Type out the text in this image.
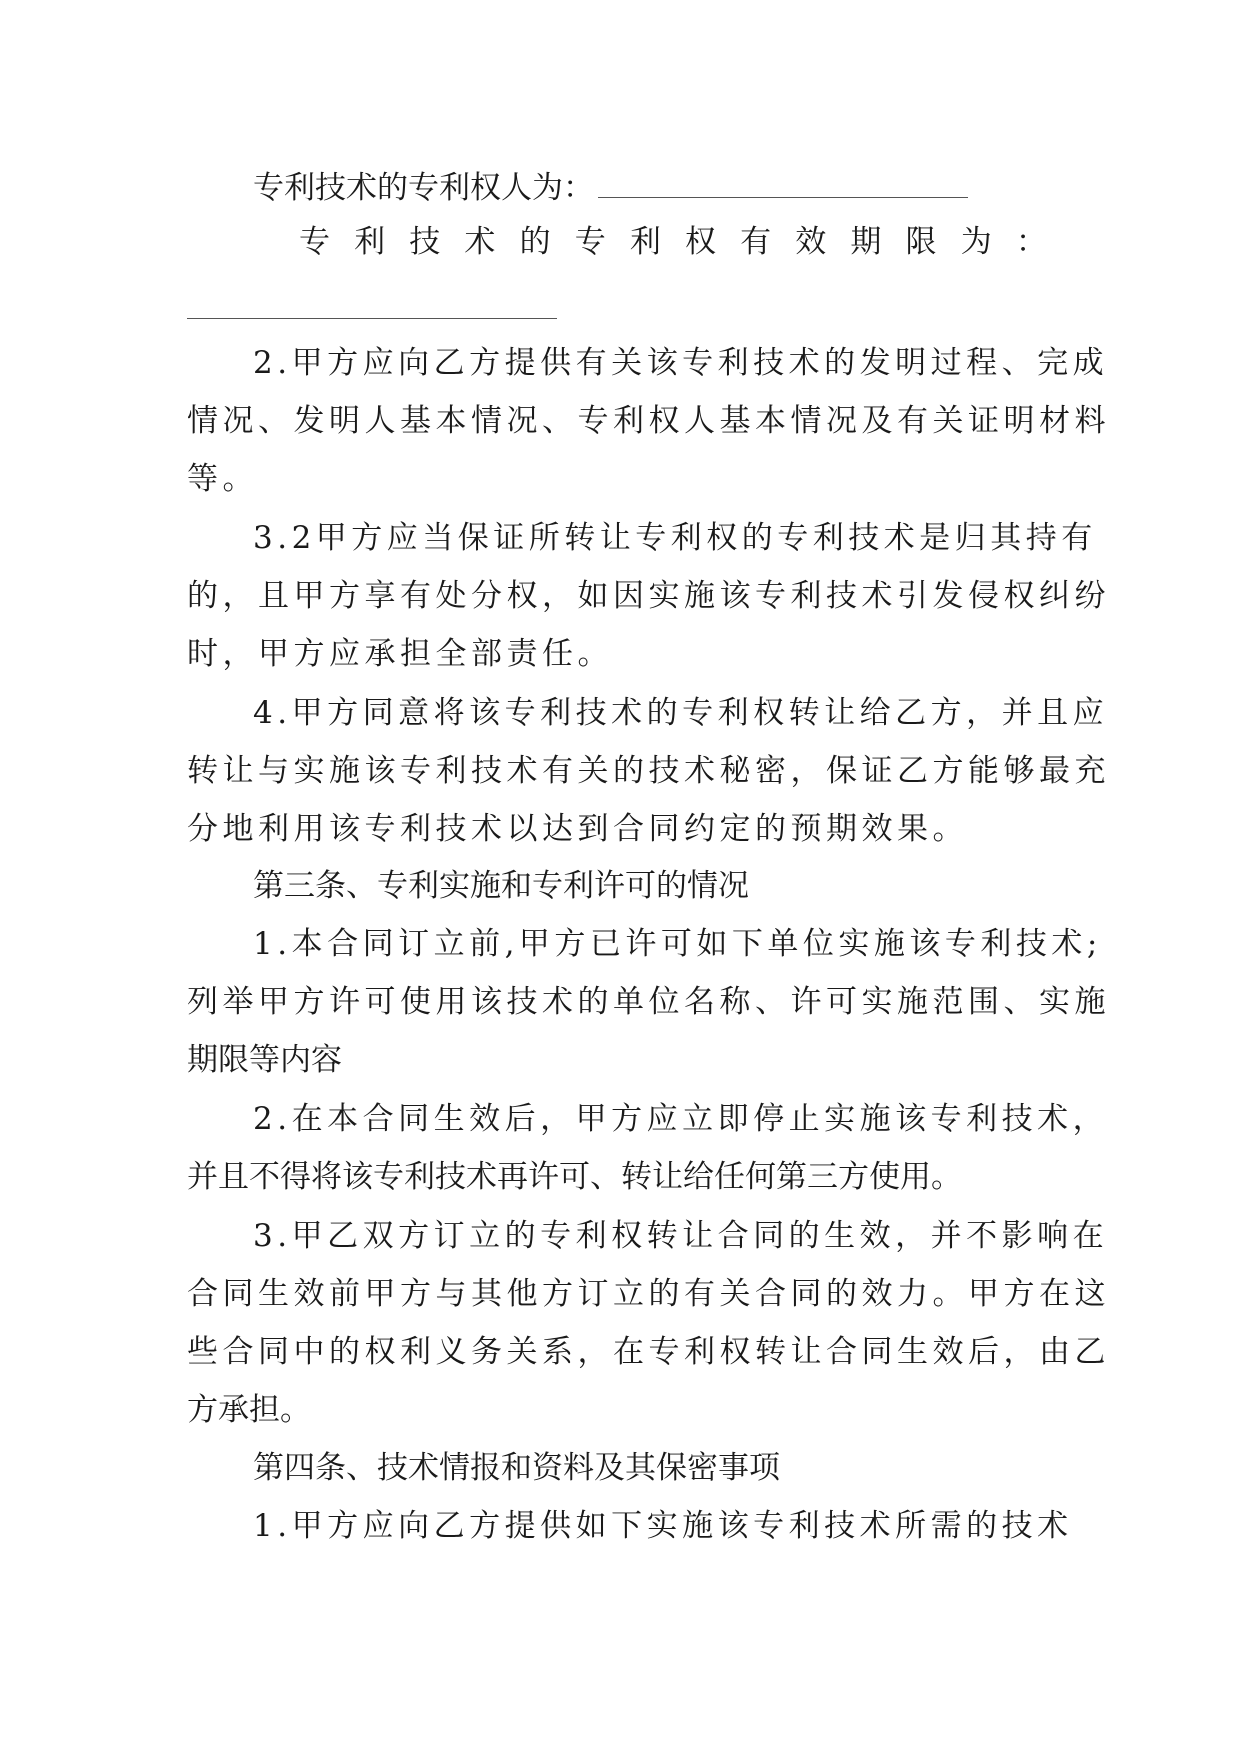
专利技术的专利权人为：
专 利 技 术 的 专 利 权 有 效 期 限 为 ：
2.甲方应向乙方提供有关该专利技术的发明过程、完成
情况、发明人基本情况、专利权人基本情况及有关证明材料
等。
3.2甲方应当保证所转让专利权的专利技术是归其持有
的，且甲方享有处分权，如因实施该专利技术引发侵权纠纷
时，甲方应承担全部责任。
4.甲方同意将该专利技术的专利权转让给乙方，并且应
转让与实施该专利技术有关的技术秘密，保证乙方能够最充
分地利用该专利技术以达到合同约定的预期效果。
第三条、专利实施和专利许可的情况
1.本合同订立前,甲方已许可如下单位实施该专利技术;
列举甲方许可使用该技术的单位名称、许可实施范围、实施
期限等内容
2.在本合同生效后，甲方应立即停止实施该专利技术，
并且不得将该专利技术再许可、转让给任何第三方使用。
3.甲乙双方订立的专利权转让合同的生效，并不影响在
合同生效前甲方与其他方订立的有关合同的效力。甲方在这
些合同中的权利义务关系，在专利权转让合同生效后，由乙
方承担。
第四条、技术情报和资料及其保密事项
1.甲方应向乙方提供如下实施该专利技术所需的技术
